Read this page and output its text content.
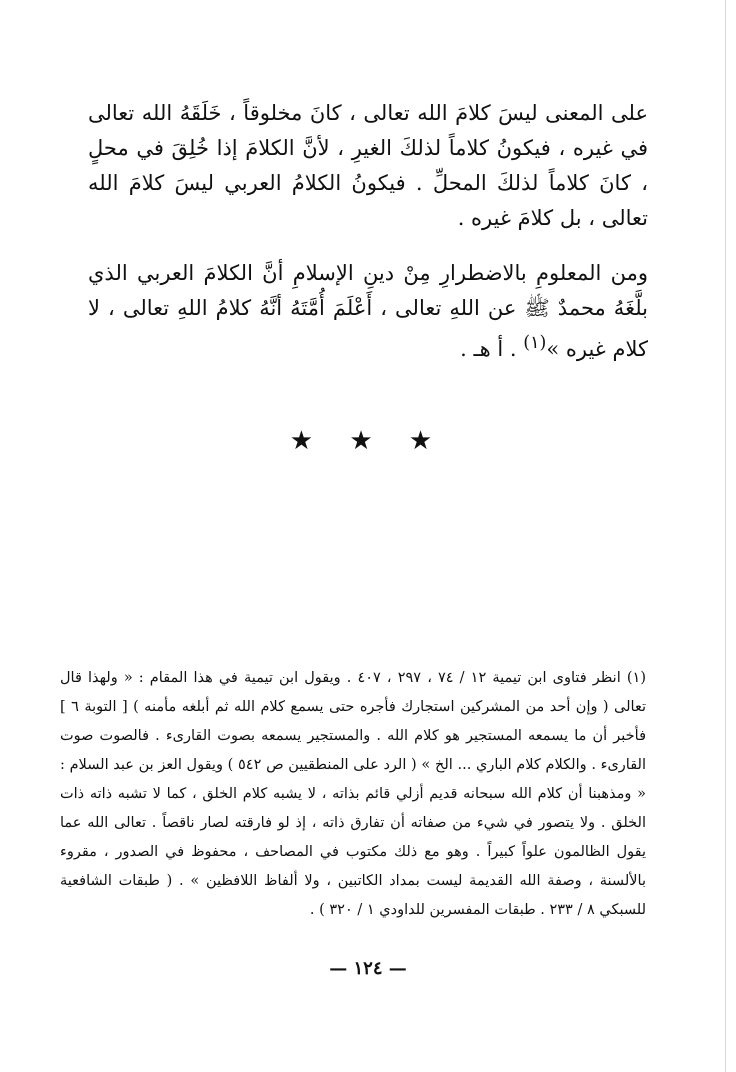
على المعنى ليسَ كلامَ الله تعالى ، كانَ مخلوقاً ، خَلَقَهُ الله تعالى في غيره ، فيكونُ كلاماً لذلكَ الغيرِ ، لأنَّ الكلامَ إذا خُلِقَ في محلٍ ، كانَ كلاماً لذلكَ المحلِّ . فيكونُ الكلامُ العربي ليسَ كلامَ الله تعالى ، بل كلامَ غيره .

ومن المعلومِ بالاضطرارِ مِنْ دينِ الإسلامِ أنَّ الكلامَ العربي الذي بلَّغَهُ محمدٌ ﷺ عن اللهِ تعالى ، أَعْلَمَ أُمَّتَهُ أنَّهُ كلامُ اللهِ تعالى ، لا كلام غيره »$^{(١)}$ . أ هـ .

★ ★ ★

(١) انظر فتاوى ابن تيمية ١٢ / ٧٤ ، ٢٩٧ ، ٤٠٧ . ويقول ابن تيمية في هذا المقام : « ولهذا قال تعالى ( وإن أحد من المشركين استجارك فأجره حتى يسمع كلام الله ثم أبلغه مأمنه ) [ التوبة ٦ ] فأخبر أن ما يسمعه المستجير هو كلام الله . والمستجير يسمعه بصوت القارىء . فالصوت صوت القارىء . والكلام كلام الباري ... الخ » ( الرد على المنطقيين ص ٥٤٢ ) ويقول العز بن عبد السلام : « ومذهبنا أن كلام الله سبحانه قديم أزلي قائم بذاته ، لا يشبه كلام الخلق ، كما لا تشبه ذاته ذات الخلق . ولا يتصور في شيء من صفاته أن تفارق ذاته ، إذ لو فارقته لصار ناقصاً . تعالى الله عما يقول الظالمون علواً كبيراً . وهو مع ذلك مكتوب في المصاحف ، محفوظ في الصدور ، مقروء بالألسنة ، وصفة الله القديمة ليست بمداد الكاتبين ، ولا ألفاظ اللافظين » . ( طبقات الشافعية للسبكي ٨ / ٢٣٣ . طبقات المفسرين للداودي ١ / ٣٢٠ ) .

— ١٢٤ —
